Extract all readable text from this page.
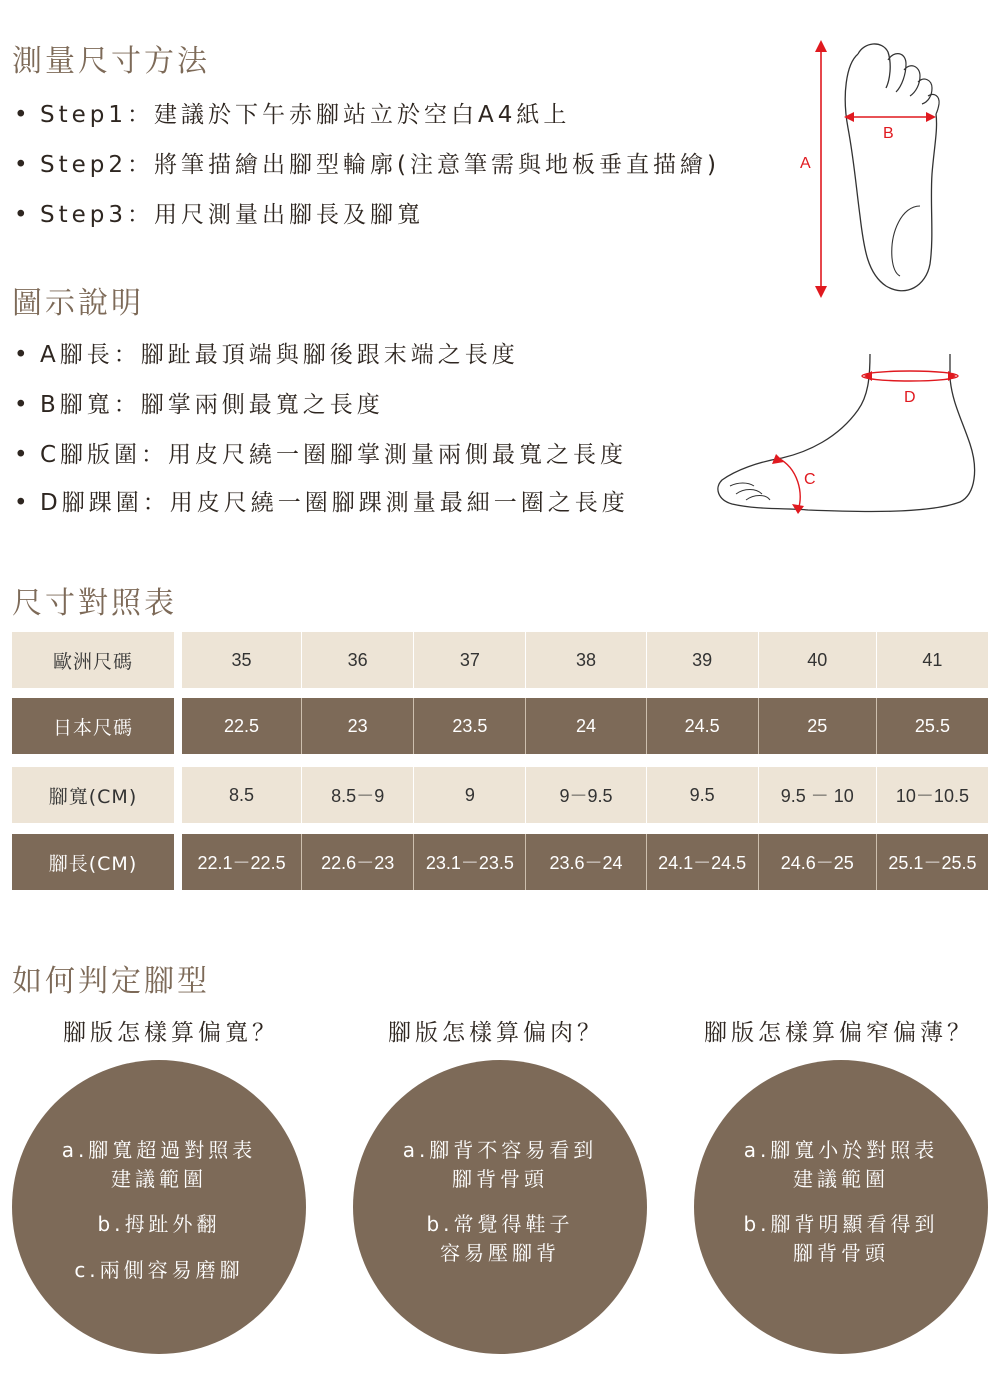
測量尺寸方法
• Step1：建議於下午赤腳站立於空白A4紙上
• Step2：將筆描繪出腳型輪廓(注意筆需與地板垂直描繪)
• Step3：用尺測量出腳長及腳寬
A
B
圖示說明
• A腳長：腳趾最頂端與腳後跟末端之長度
• B腳寬：腳掌兩側最寬之長度
• C腳版圍：用皮尺繞一圈腳掌測量兩側最寬之長度
• D腳踝圍：用皮尺繞一圈腳踝測量最細一圈之長度
C
D
尺寸對照表
歐洲尺碼	35	36	37	38	39	40	41
日本尺碼	22.5	23	23.5	24	24.5	25	25.5
腳寬(CM)	8.5	8.5－9	9	9－9.5	9.5	9.5 － 10	10－10.5
腳長(CM)	22.1－22.5	22.6－23	23.1－23.5	23.6－24	24.1－24.5	24.6－25	25.1－25.5
如何判定腳型
腳版怎樣算偏寬？	腳版怎樣算偏肉？	腳版怎樣算偏窄偏薄？
a.腳寬超過對照表
建議範圍
b.拇趾外翻
c.兩側容易磨腳
a.腳背不容易看到
腳背骨頭
b.常覺得鞋子
容易壓腳背
a.腳寬小於對照表
建議範圍
b.腳背明顯看得到
腳背骨頭
